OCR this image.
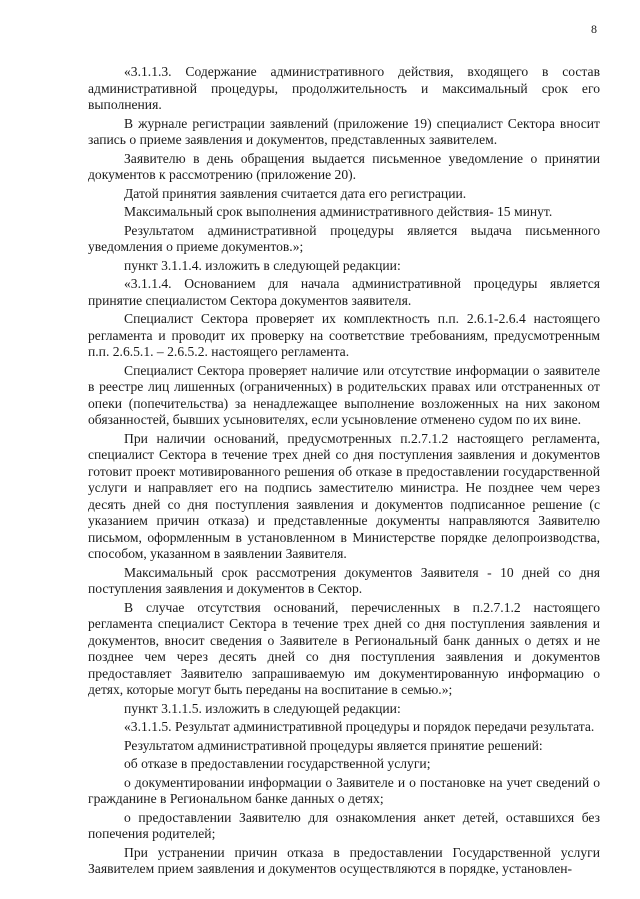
8

«3.1.1.3. Содержание административного действия, входящего в состав административной процедуры, продолжительность и максимальный срок его выполнения.

В журнале регистрации заявлений (приложение 19) специалист Сектора вносит запись о приеме заявления и документов, представленных заявителем.

Заявителю в день обращения выдается письменное уведомление о принятии документов к рассмотрению (приложение 20).

Датой принятия заявления считается дата его регистрации.

Максимальный срок выполнения административного действия- 15 минут.

Результатом административной процедуры является выдача письменного уведомления о приеме документов.»;

пункт 3.1.1.4. изложить в следующей редакции:

«3.1.1.4. Основанием для начала административной процедуры является принятие специалистом Сектора документов заявителя.

Специалист Сектора проверяет их комплектность п.п. 2.6.1-2.6.4 настоящего регламента и проводит их проверку на соответствие требованиям, предусмотренным п.п. 2.6.5.1. – 2.6.5.2. настоящего регламента.

Специалист Сектора проверяет наличие или отсутствие информации о заявителе в реестре лиц лишенных (ограниченных) в родительских правах или отстраненных от опеки (попечительства) за ненадлежащее выполнение возложенных на них законом обязанностей, бывших усыновителях, если усыновление отменено судом по их вине.

При наличии оснований, предусмотренных п.2.7.1.2 настоящего регламента, специалист Сектора в течение трех дней со дня поступления заявления и документов готовит проект мотивированного решения об отказе в предоставлении государственной услуги и направляет его на подпись заместителю министра. Не позднее чем через десять дней со дня поступления заявления и документов подписанное решение (с указанием причин отказа) и представленные документы направляются Заявителю письмом, оформленным в установленном в Министерстве порядке делопроизводства, способом, указанном в заявлении Заявителя.

Максимальный срок рассмотрения документов Заявителя - 10 дней со дня поступления заявления и документов в Сектор.

В случае отсутствия оснований, перечисленных в п.2.7.1.2 настоящего регламента специалист Сектора в течение трех дней со дня поступления заявления и документов, вносит сведения о Заявителе в Региональный банк данных о детях и не позднее чем через десять дней со дня поступления заявления и документов предоставляет Заявителю запрашиваемую им документированную информацию о детях, которые могут быть переданы на воспитание в семью.»;

пункт 3.1.1.5. изложить в следующей редакции:

«3.1.1.5. Результат административной процедуры и порядок передачи результата.

Результатом административной процедуры является принятие решений:

об отказе в предоставлении государственной услуги;

о документировании информации о Заявителе и о постановке на учет сведений о гражданине в Региональном банке данных о детях;

о предоставлении Заявителю для ознакомления анкет детей, оставшихся без попечения родителей;

При устранении причин отказа в предоставлении Государственной услуги Заявителем прием заявления и документов осуществляются в порядке, установлен-
